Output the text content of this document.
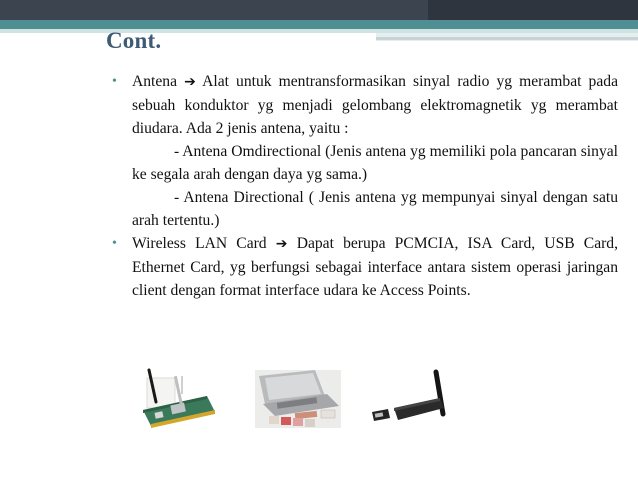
Cont.

• Antena ➔ Alat untuk mentransformasikan sinyal radio yg merambat pada sebuah konduktor yg menjadi gelombang elektromagnetik yg merambat diudara. Ada 2 jenis antena, yaitu :

- Antena Omdirectional (Jenis antena yg memiliki pola pancaran sinyal ke segala arah dengan daya yg sama.)

- Antena Directional ( Jenis antena yg mempunyai sinyal dengan satu arah tertentu.)

• Wireless LAN Card ➔ Dapat berupa PCMCIA, ISA Card, USB Card, Ethernet Card, yg berfungsi sebagai interface antara sistem operasi jaringan client dengan format interface udara ke Access Points.
